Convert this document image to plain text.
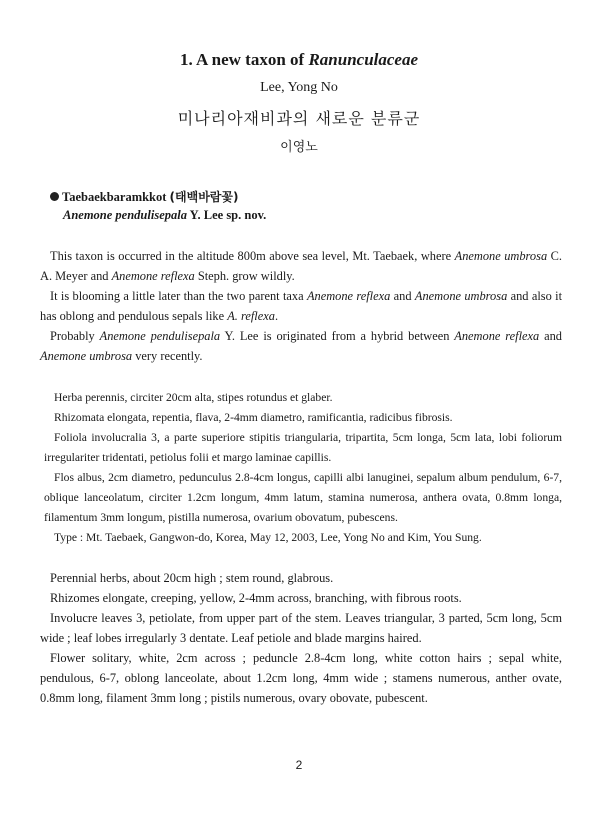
1. A new taxon of Ranunculaceae
Lee, Yong No
미나리아재비과의 새로운 분류군
이영노
Taebaekbaramkkot (태백바람꽃)
Anemone pendulisepala Y. Lee sp. nov.

This taxon is occurred in the altitude 800m above sea level, Mt. Taebaek, where Anemone umbrosa C. A. Meyer and Anemone reflexa Steph. grow wildly.

It is blooming a little later than the two parent taxa Anemone reflexa and Anemone umbrosa and also it has oblong and pendulous sepals like A. reflexa.

Probably Anemone pendulisepala Y. Lee is originated from a hybrid between Anemone reflexa and Anemone umbrosa very recently.

Herba perennis, circiter 20cm alta, stipes rotundus et glaber.

Rhizomata elongata, repentia, flava, 2-4mm diametro, ramificantia, radicibus fibrosis.

Foliola involucralia 3, a parte superiore stipitis triangularia, tripartita, 5cm longa, 5cm lata, lobi foliorum irregulariter tridentati, petiolus folii et margo laminae capillis.

Flos albus, 2cm diametro, pedunculus 2.8-4cm longus, capilli albi lanuginei, sepalum album pendulum, 6-7, oblique lanceolatum, circiter 1.2cm longum, 4mm latum, stamina numerosa, anthera ovata, 0.8mm longa, filamentum 3mm longum, pistilla numerosa, ovarium obovatum, pubescens.

Type : Mt. Taebaek, Gangwon-do, Korea, May 12, 2003, Lee, Yong No and Kim, You Sung.

Perennial herbs, about 20cm high ; stem round, glabrous.

Rhizomes elongate, creeping, yellow, 2-4mm across, branching, with fibrous roots.

Involucre leaves 3, petiolate, from upper part of the stem. Leaves triangular, 3 parted, 5cm long, 5cm wide ; leaf lobes irregularly 3 dentate. Leaf petiole and blade margins haired.

Flower solitary, white, 2cm across ; peduncle 2.8-4cm long, white cotton hairs ; sepal white, pendulous, 6-7, oblong lanceolate, about 1.2cm long, 4mm wide ; stamens numerous, anther ovate, 0.8mm long, filament 3mm long ; pistils numerous, ovary obovate, pubescent.

2
